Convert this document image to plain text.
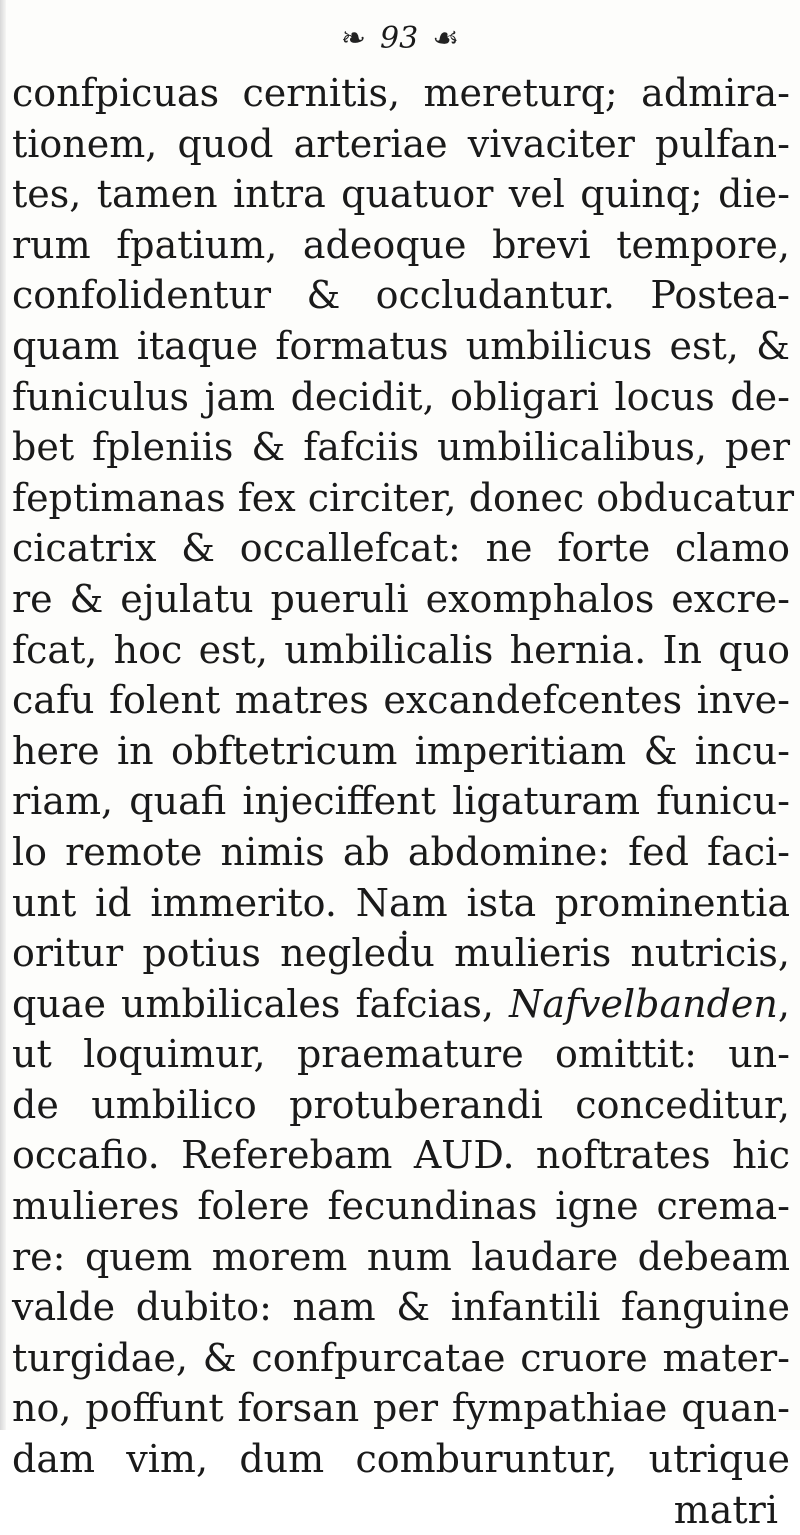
❧ 93 ☙
confpicuas cernitis, mereturq; admira-
tionem, quod arteriae vivaciter pulfan-
tes, tamen intra quatuor vel quinq; die-
rum fpatium, adeoque brevi tempore,
confolidentur & occludantur. Postea-
quam itaque formatus umbilicus est, &
funiculus jam decidit, obligari locus de-
bet fpleniis & fafciis umbilicalibus, per
feptimanas fex circiter, donec obducatur
cicatrix & occallefcat: ne forte clamo
re & ejulatu pueruli exomphalos excre-
fcat, hoc est, umbilicalis hernia. In quo
cafu folent matres excandefcentes inve-
here in obftetricum imperitiam & incu-
riam, quafi injeciffent ligaturam funicu-
lo remote nimis ab abdomine: fed faci-
unt id immerito. Nam ista prominentia
oritur potius negleḋu mulieris nutricis,
quae umbilicales fafcias, Nafvelbanden,
ut loquimur, praemature omittit: un-
de umbilico protuberandi conceditur,
occafio. Referebam AUD. noftrates hic
mulieres folere fecundinas igne crema-
re: quem morem num laudare debeam
valde dubito: nam & infantili fanguine
turgidae, & confpurcatae cruore mater-
no, poffunt forsan per fympathiae quan-
dam vim, dum comburuntur, utrique
matri
